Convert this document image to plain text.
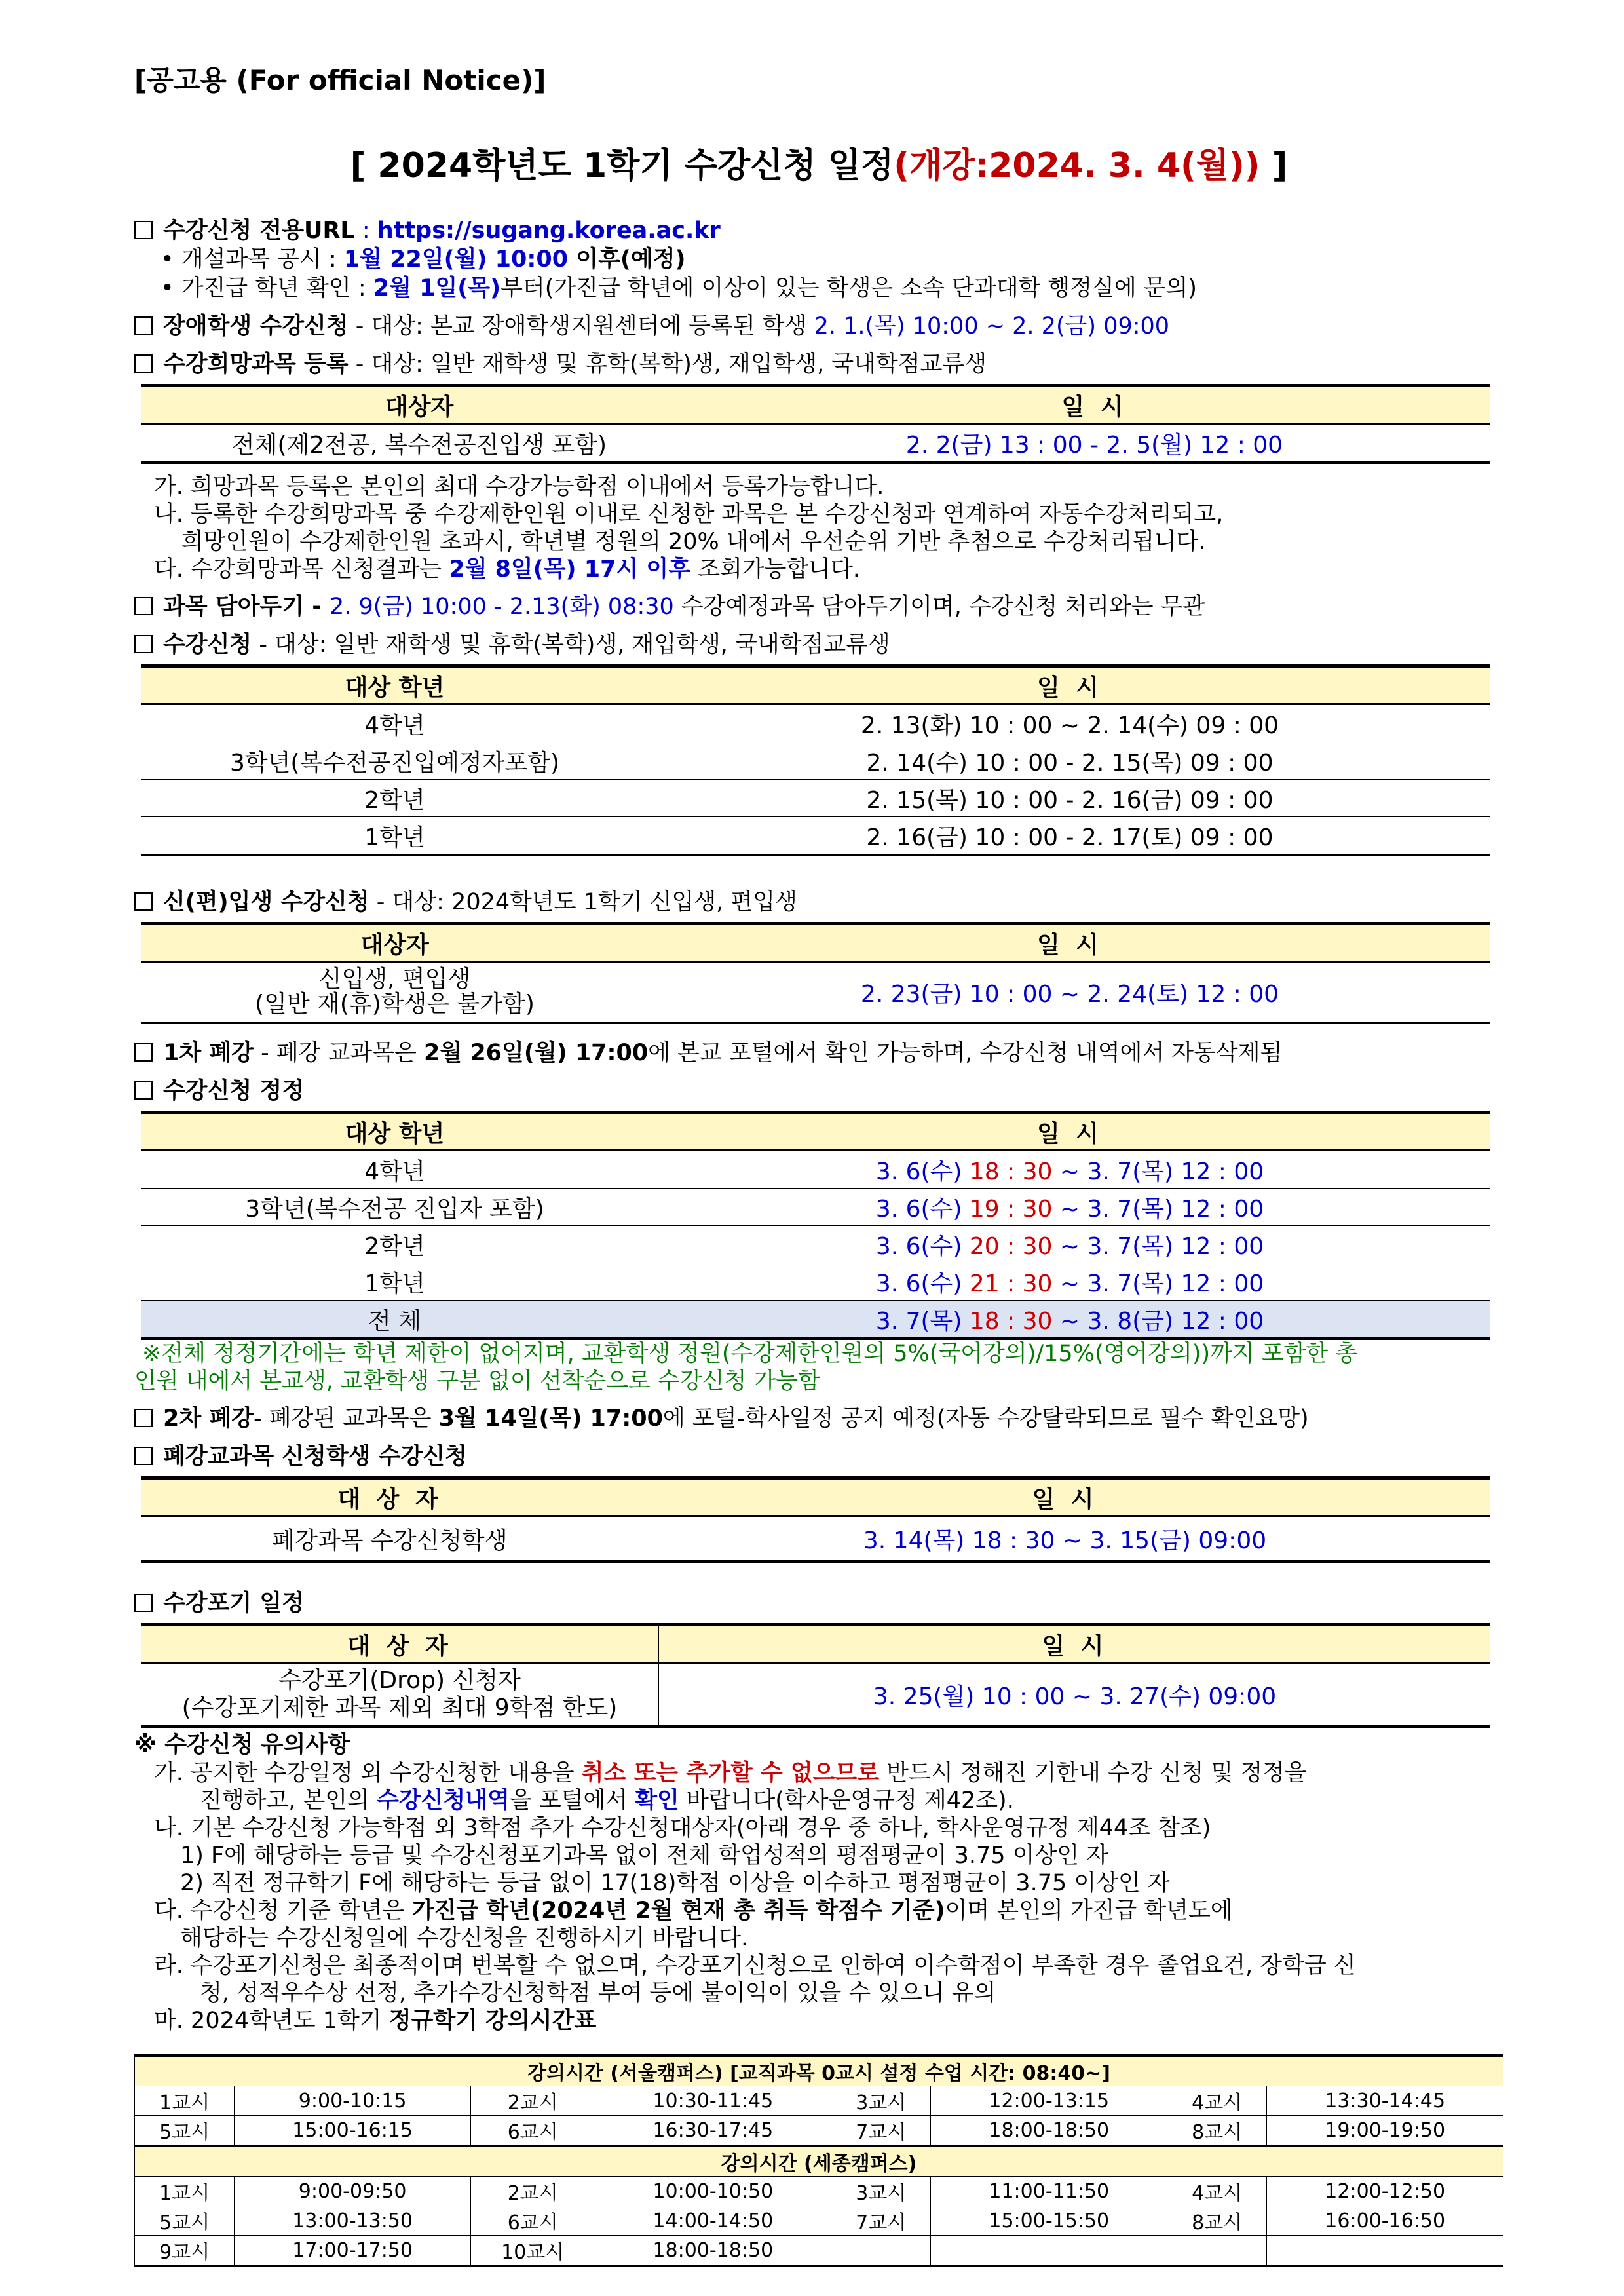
[공고용 (For official Notice)]
[ 2024학년도 1학기 수강신청 일정(개강:2024. 3. 4(월)) ]
수강신청 전용URL : https://sugang.korea.ac.kr
• 개설과목 공시 : 1월 22일(월) 10:00 이후(예정)
• 가진급 학년 확인 : 2월 1일(목)부터(가진급 학년에 이상이 있는 학생은 소속 단과대학 행정실에 문의)
장애학생 수강신청 - 대상: 본교 장애학생지원센터에 등록된 학생 2. 1.(목) 10:00 ~ 2. 2(금) 09:00
수강희망과목 등록 - 대상: 일반 재학생 및 휴학(복학)생, 재입학생, 국내학점교류생
대상자	일 시
전체(제2전공, 복수전공진입생 포함)	2. 2(금) 13 : 00 - 2. 5(월) 12 : 00
가. 희망과목 등록은 본인의 최대 수강가능학점 이내에서 등록가능합니다.
나. 등록한 수강희망과목 중 수강제한인원 이내로 신청한 과목은 본 수강신청과 연계하여 자동수강처리되고,
희망인원이 수강제한인원 초과시, 학년별 정원의 20% 내에서 우선순위 기반 추첨으로 수강처리됩니다.
다. 수강희망과목 신청결과는 2월 8일(목) 17시 이후 조회가능합니다.
과목 담아두기 - 2. 9(금) 10:00 - 2.13(화) 08:30 수강예정과목 담아두기이며, 수강신청 처리와는 무관
수강신청 - 대상: 일반 재학생 및 휴학(복학)생, 재입학생, 국내학점교류생
대상 학년	일 시
4학년	2. 13(화) 10 : 00 ~ 2. 14(수) 09 : 00
3학년(복수전공진입예정자포함)	2. 14(수) 10 : 00 - 2. 15(목) 09 : 00
2학년	2. 15(목) 10 : 00 - 2. 16(금) 09 : 00
1학년	2. 16(금) 10 : 00 - 2. 17(토) 09 : 00
신(편)입생 수강신청 - 대상: 2024학년도 1학기 신입생, 편입생
대상자	일 시
신입생, 편입생
(일반 재(휴)학생은 불가함)	2. 23(금) 10 : 00 ~ 2. 24(토) 12 : 00
1차 폐강 - 폐강 교과목은 2월 26일(월) 17:00에 본교 포털에서 확인 가능하며, 수강신청 내역에서 자동삭제됨
수강신청 정정
대상 학년	일 시
4학년	3. 6(수) 18 : 30 ~ 3. 7(목) 12 : 00
3학년(복수전공 진입자 포함)	3. 6(수) 19 : 30 ~ 3. 7(목) 12 : 00
2학년	3. 6(수) 20 : 30 ~ 3. 7(목) 12 : 00
1학년	3. 6(수) 21 : 30 ~ 3. 7(목) 12 : 00
전 체	3. 7(목) 18 : 30 ~ 3. 8(금) 12 : 00
※전체 정정기간에는 학년 제한이 없어지며, 교환학생 정원(수강제한인원의 5%(국어강의)/15%(영어강의))까지 포함한 총
인원 내에서 본교생, 교환학생 구분 없이 선착순으로 수강신청 가능함
2차 폐강- 폐강된 교과목은 3월 14일(목) 17:00에 포털-학사일정 공지 예정(자동 수강탈락되므로 필수 확인요망)
폐강교과목 신청학생 수강신청
대 상 자	일 시
폐강과목 수강신청학생	3. 14(목) 18 : 30 ~ 3. 15(금) 09:00
수강포기 일정
대 상 자	일 시
수강포기(Drop) 신청자
(수강포기제한 과목 제외 최대 9학점 한도)	3. 25(월) 10 : 00 ~ 3. 27(수) 09:00
※ 수강신청 유의사항
가. 공지한 수강일정 외 수강신청한 내용을 취소 또는 추가할 수 없으므로 반드시 정해진 기한내 수강 신청 및 정정을
진행하고, 본인의 수강신청내역을 포털에서 확인 바랍니다(학사운영규정 제42조).
나. 기본 수강신청 가능학점 외 3학점 추가 수강신청대상자(아래 경우 중 하나, 학사운영규정 제44조 참조)
1) F에 해당하는 등급 및 수강신청포기과목 없이 전체 학업성적의 평점평균이 3.75 이상인 자
2) 직전 정규학기 F에 해당하는 등급 없이 17(18)학점 이상을 이수하고 평점평균이 3.75 이상인 자
다. 수강신청 기준 학년은 가진급 학년(2024년 2월 현재 총 취득 학점수 기준)이며 본인의 가진급 학년도에
해당하는 수강신청일에 수강신청을 진행하시기 바랍니다.
라. 수강포기신청은 최종적이며 번복할 수 없으며, 수강포기신청으로 인하여 이수학점이 부족한 경우 졸업요건, 장학금 신
청, 성적우수상 선정, 추가수강신청학점 부여 등에 불이익이 있을 수 있으니 유의
마. 2024학년도 1학기 정규학기 강의시간표
강의시간 (서울캠퍼스) [교직과목 0교시 설정 수업 시간: 08:40~]							
1교시	9:00-10:15	2교시	10:30-11:45	3교시	12:00-13:15	4교시	13:30-14:45
5교시	15:00-16:15	6교시	16:30-17:45	7교시	18:00-18:50	8교시	19:00-19:50
강의시간 (세종캠퍼스)							
1교시	9:00-09:50	2교시	10:00-10:50	3교시	11:00-11:50	4교시	12:00-12:50
5교시	13:00-13:50	6교시	14:00-14:50	7교시	15:00-15:50	8교시	16:00-16:50
9교시	17:00-17:50	10교시	18:00-18:50				
